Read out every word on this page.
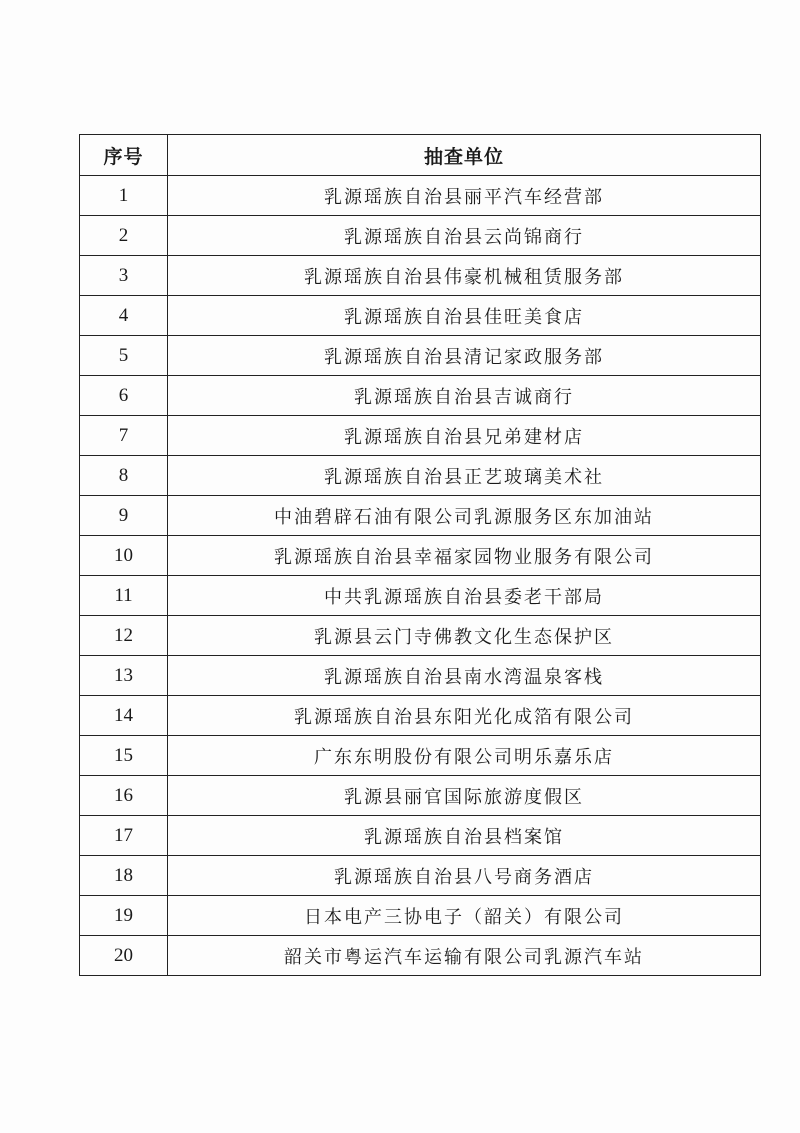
序号	抽查单位
1	乳源瑶族自治县丽平汽车经营部
2	乳源瑶族自治县云尚锦商行
3	乳源瑶族自治县伟豪机械租赁服务部
4	乳源瑶族自治县佳旺美食店
5	乳源瑶族自治县清记家政服务部
6	乳源瑶族自治县吉诚商行
7	乳源瑶族自治县兄弟建材店
8	乳源瑶族自治县正艺玻璃美术社
9	中油碧辟石油有限公司乳源服务区东加油站
10	乳源瑶族自治县幸福家园物业服务有限公司
11	中共乳源瑶族自治县委老干部局
12	乳源县云门寺佛教文化生态保护区
13	乳源瑶族自治县南水湾温泉客栈
14	乳源瑶族自治县东阳光化成箔有限公司
15	广东东明股份有限公司明乐嘉乐店
16	乳源县丽官国际旅游度假区
17	乳源瑶族自治县档案馆
18	乳源瑶族自治县八号商务酒店
19	日本电产三协电子（韶关）有限公司
20	韶关市粤运汽车运输有限公司乳源汽车站
